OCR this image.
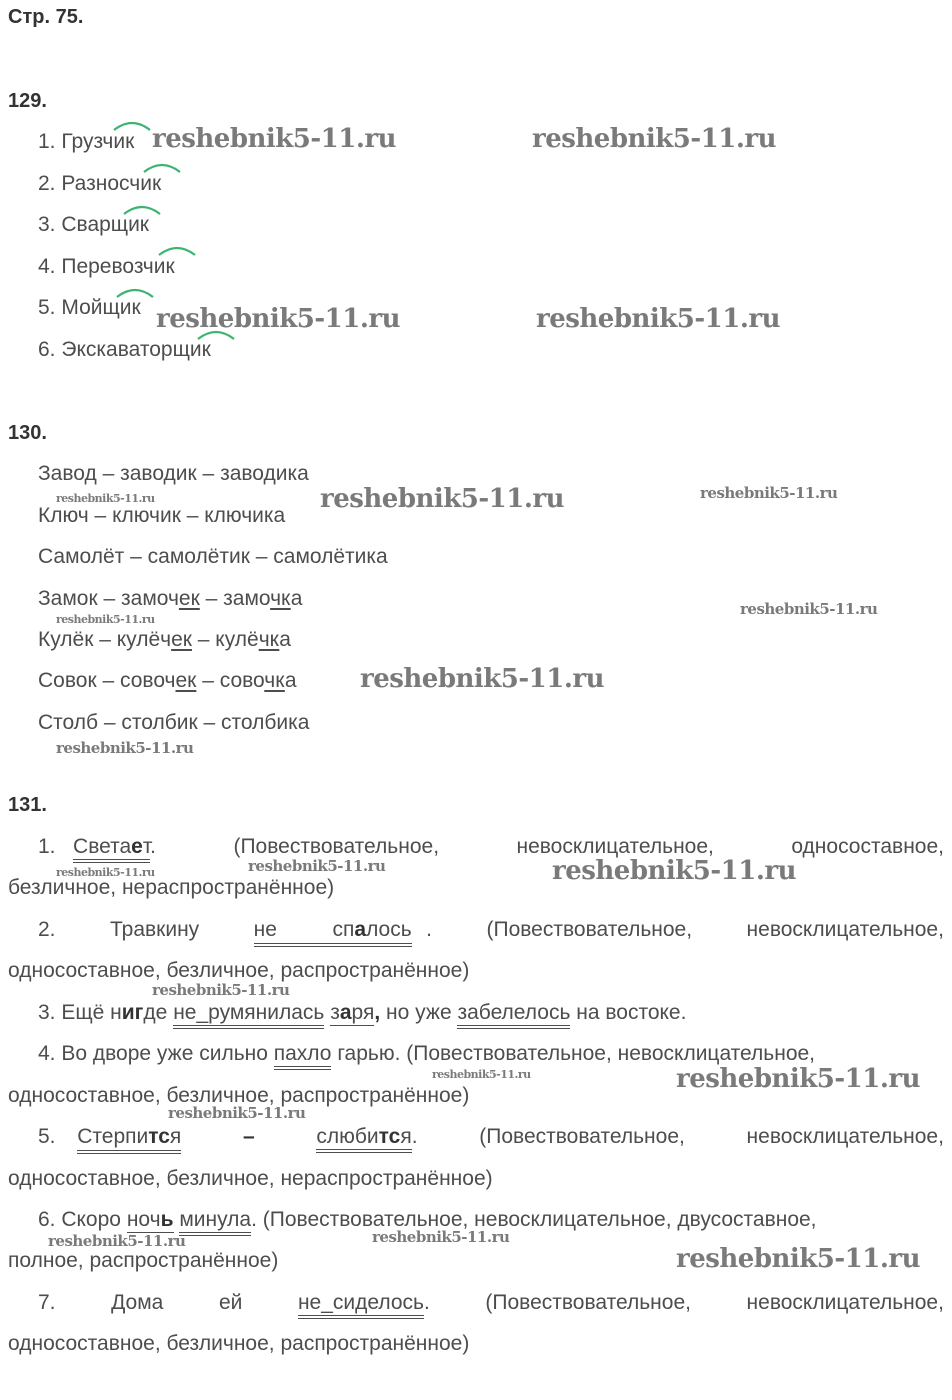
Стр. 75.
129.
1. Грузчик
2. Разносчик
3. Сварщик
4. Перевозчик
5. Мойщик
6. Экскаваторщик
130.
Завод – заводик – заводика
Ключ – ключик – ключика
Самолёт – самолётик – самолётика
Замок – замочек – замочка
Кулёк – кулёчек – кулёчка
Совок – совочек – совочка
Столб – столбик – столбика
131.
1. Светает.	(Повествовательное,	невосклицательное,	односоставное,
безличное, нераспространённое)
2.	Травкину	не	спалось .	(Повествовательное,	невосклицательное,
односоставное, безличное, распространённое)
3. Ещё нигде не_румянилась заря, но уже забелелось на востоке.
4. Во дворе уже сильно пахло гарью. (Повествовательное, невосклицательное,
односоставное, безличное, распространённое)
5. Стерпится	–	слюбится.	(Повествовательное,	невосклицательное,
односоставное, безличное, нераспространённое)
6. Скоро ночь минула. (Повествовательное, невосклицательное, двусоставное,
полное, распространённое)
7.	Дома	ей	не_сиделось.	(Повествовательное,	невосклицательное,
односоставное, безличное, распространённое)
reshebnik5-11.ru	reshebnik5-11.ru
reshebnik5-11.ru	reshebnik5-11.ru
reshebnik5-11.ru	reshebnik5-11.ru	reshebnik5-11.ru
reshebnik5-11.ru
reshebnik5-11.ru
reshebnik5-11.ru
reshebnik5-11.ru
reshebnik5-11.ru	reshebnik5-11.ru	reshebnik5-11.ru
reshebnik5-11.ru
reshebnik5-11.ru	reshebnik5-11.ru
reshebnik5-11.ru
reshebnik5-11.ru	reshebnik5-11.ru
reshebnik5-11.ru
